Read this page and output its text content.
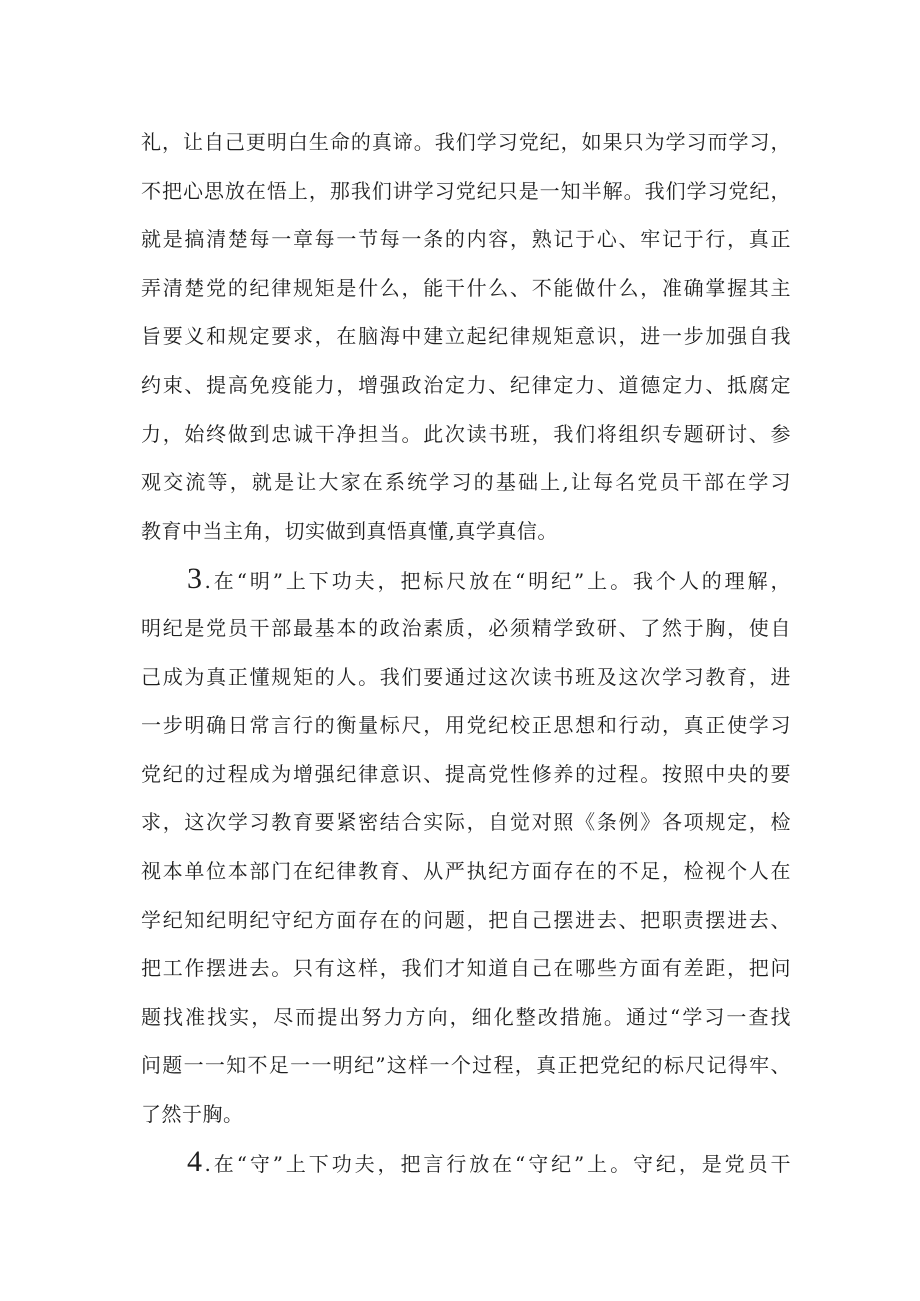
礼，让自己更明白生命的真谛。我们学习党纪，如果只为学习而学习，
不把心思放在悟上，那我们讲学习党纪只是一知半解。我们学习党纪，
就是搞清楚每一章每一节每一条的内容，熟记于心、牢记于行，真正
弄清楚党的纪律规矩是什么，能干什么、不能做什么，准确掌握其主
旨要义和规定要求，在脑海中建立起纪律规矩意识，进一步加强自我
约束、提高免疫能力，增强政治定力、纪律定力、道德定力、抵腐定
力，始终做到忠诚干净担当。此次读书班，我们将组织专题研讨、参
观交流等，就是让大家在系统学习的基础上,让每名党员干部在学习
教育中当主角，切实做到真悟真懂,真学真信。
3 .在“明”上下功夫，把标尺放在“明纪”上。我个人的理解，
明纪是党员干部最基本的政治素质，必须精学致研、了然于胸，使自
己成为真正懂规矩的人。我们要通过这次读书班及这次学习教育，进
一步明确日常言行的衡量标尺，用党纪校正思想和行动，真正使学习
党纪的过程成为增强纪律意识、提高党性修养的过程。按照中央的要
求，这次学习教育要紧密结合实际，自觉对照《条例》各项规定，检
视本单位本部门在纪律教育、从严执纪方面存在的不足，检视个人在
学纪知纪明纪守纪方面存在的问题，把自己摆进去、把职责摆进去、
把工作摆进去。只有这样，我们才知道自己在哪些方面有差距，把问
题找准找实，尽而提出努力方向，细化整改措施。通过“学习一查找
问题一一知不足一一明纪”这样一个过程，真正把党纪的标尺记得牢、
了然于胸。
4 .在“守”上下功夫，把言行放在“守纪”上。守纪，是党员干
